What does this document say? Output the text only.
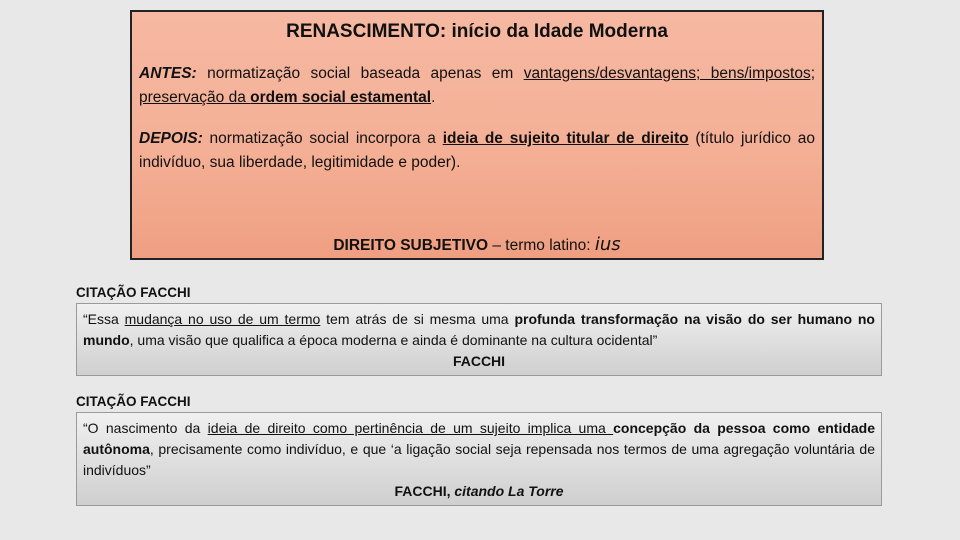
RENASCIMENTO: início da Idade Moderna
ANTES: normatização social baseada apenas em vantagens/desvantagens; bens/impostos; preservação da ordem social estamental.
DEPOIS: normatização social incorpora a ideia de sujeito titular de direito (título jurídico ao indivíduo, sua liberdade, legitimidade e poder).
DIREITO SUBJETIVO – termo latino: ius
CITAÇÃO FACCHI
“Essa mudança no uso de um termo tem atrás de si mesma uma profunda transformação na visão do ser humano no mundo, uma visão que qualifica a época moderna e ainda é dominante na cultura ocidental”
FACCHI
CITAÇÃO FACCHI
“O nascimento da ideia de direito como pertinência de um sujeito implica uma concepção da pessoa como entidade autônoma, precisamente como indivíduo, e que ‘a ligação social seja repensada nos termos de uma agregação voluntária de indivíduos”
FACCHI, citando La Torre
